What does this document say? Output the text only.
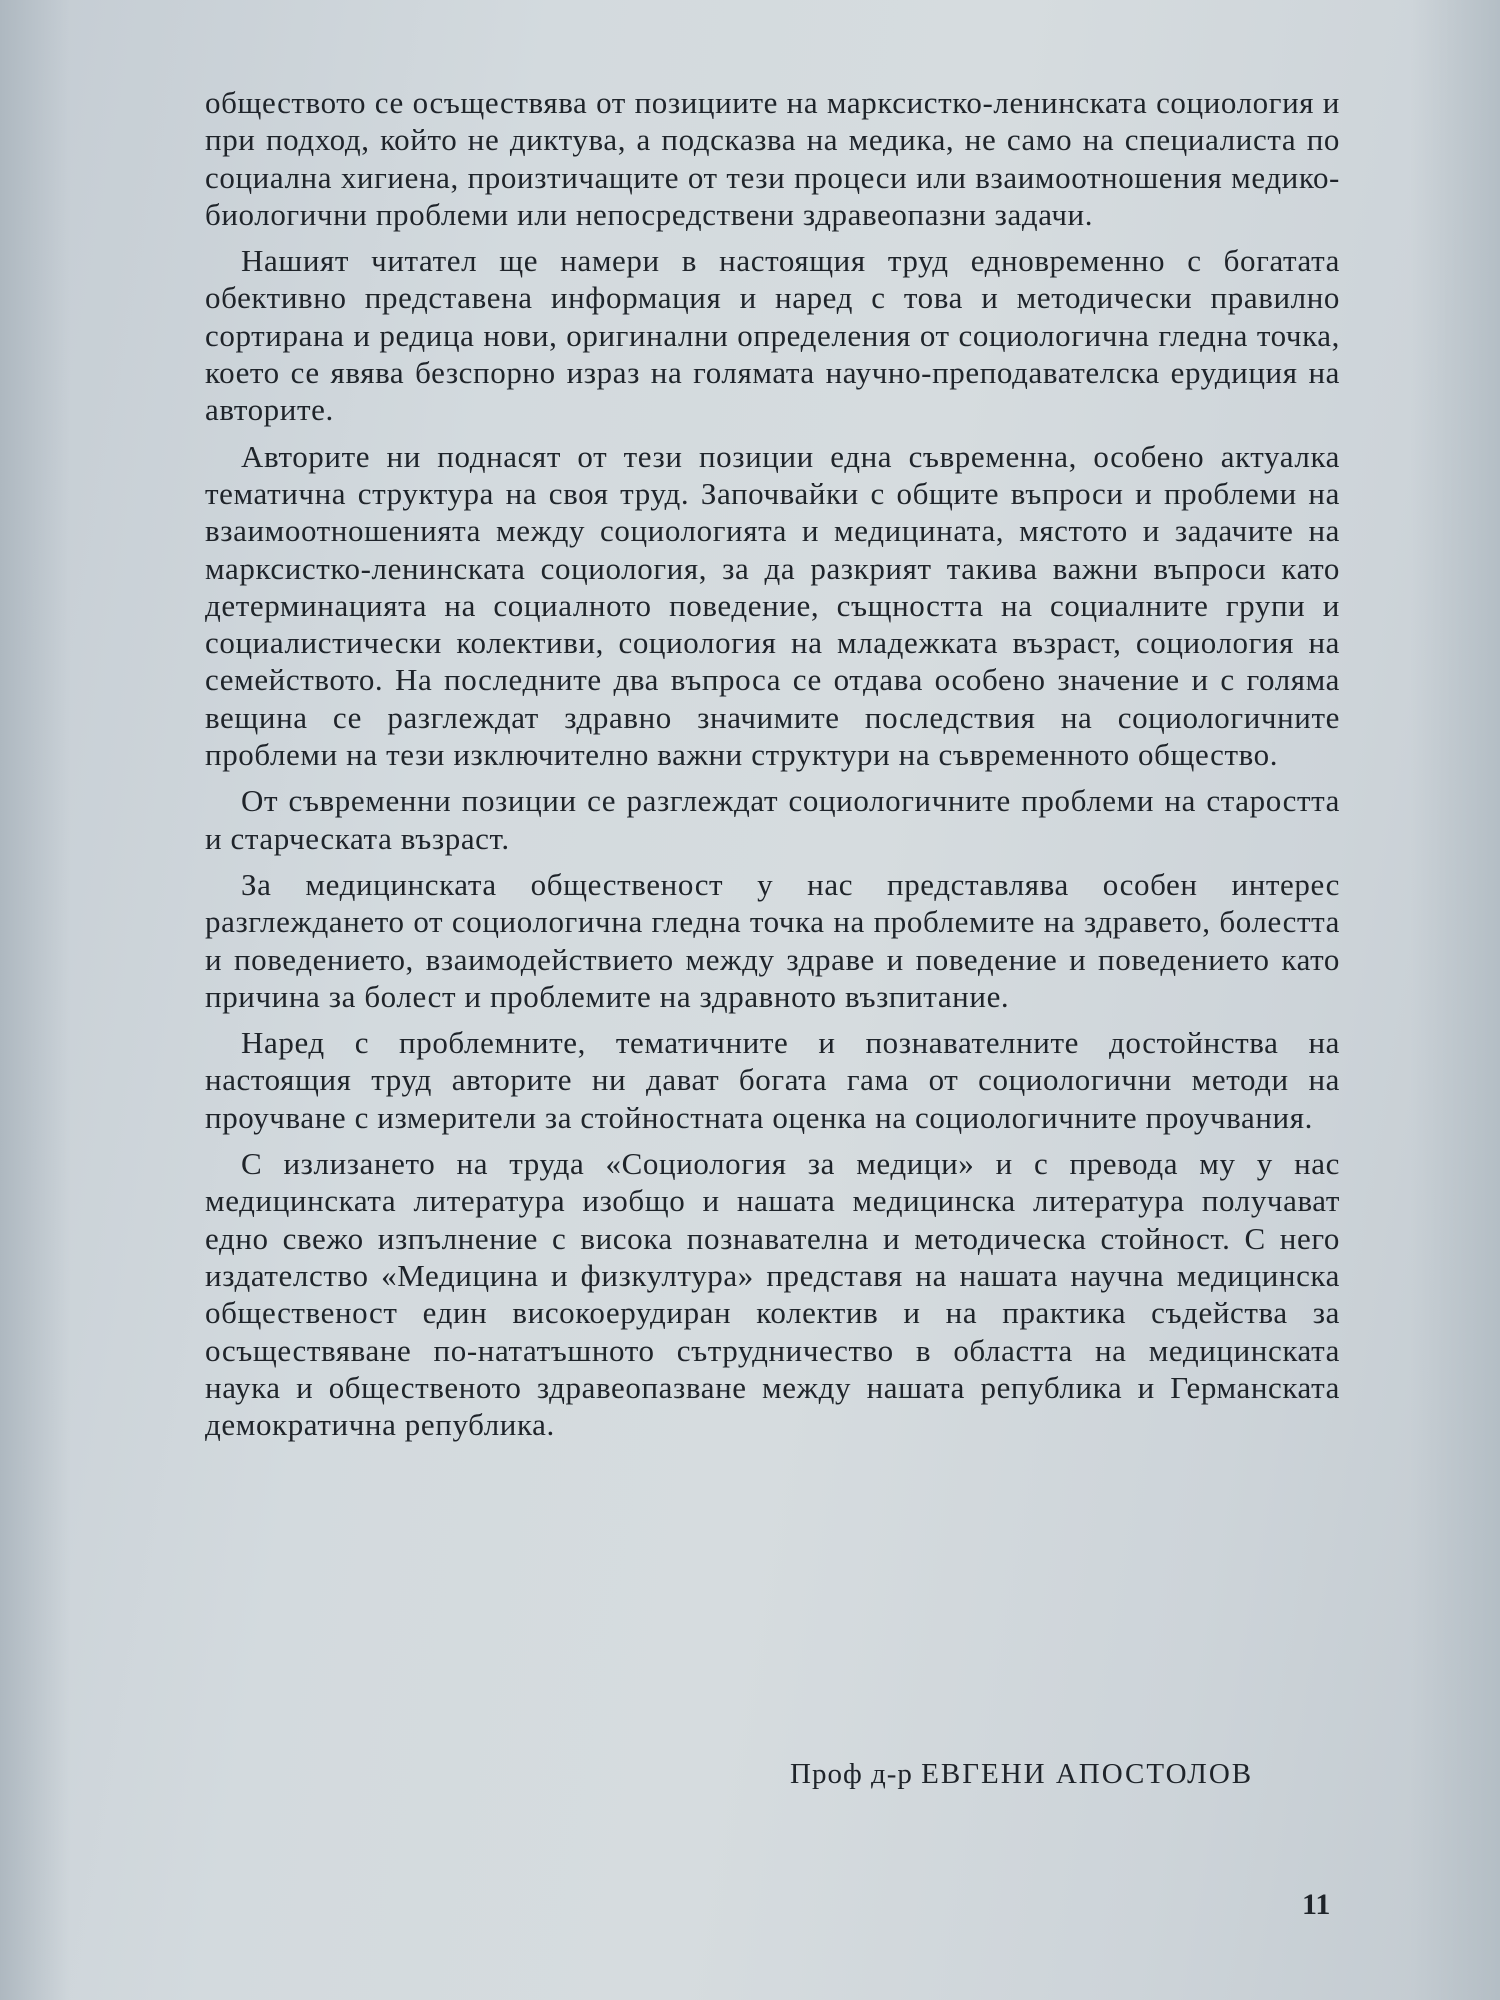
обществото се осъществява от позициите на марксистко-ленинската социология и при подход, който не диктува, а подсказва на медика, не само на специалиста по социална хигиена, произтичащите от тези процеси или взаимоотношения медико-биологични проблеми или непосредствени здравеопазни задачи.

Нашият читател ще намери в настоящия труд едновременно с богатата обективно представена информация и наред с това и методически правилно сортирана и редица нови, оригинални определения от социологична гледна точка, което се явява безспорно израз на голямата научно-преподавателска ерудиция на авторите.

Авторите ни поднасят от тези позиции една съвременна, особено актуалка тематична структура на своя труд. Започвайки с общите въпроси и проблеми на взаимоотношенията между социологията и медицината, мястото и задачите на марксистко-ленинската социология, за да разкрият такива важни въпроси като детерминацията на социалното поведение, същността на социалните групи и социалистически колективи, социология на младежката възраст, социология на семейството. На последните два въпроса се отдава особено значение и с голяма вещина се разглеждат здравно значимите последствия на социологичните проблеми на тези изключително важни структури на съвременното общество.

От съвременни позиции се разглеждат социологичните проблеми на старостта и старческата възраст.

За медицинската общественост у нас представлява особен интерес разглеждането от социологична гледна точка на проблемите на здравето, болестта и поведението, взаимодействието между здраве и поведение и поведението като причина за болест и проблемите на здравното възпитание.

Наред с проблемните, тематичните и познавателните достойнства на настоящия труд авторите ни дават богата гама от социологични методи на проучване с измерители за стойностната оценка на социологичните проучвания.

С излизането на труда «Социология за медици» и с превода му у нас медицинската литература изобщо и нашата медицинска литература получават едно свежо изпълнение с висока познавателна и методическа стойност. С него издателство «Медицина и физкултура» представя на нашата научна медицинска общественост един високоерудиран колектив и на практика съдейства за осъществяване по-нататъшното сътрудничество в областта на медицинската наука и общественото здравеопазване между нашата република и Германската демократична република.

Проф д-р ЕВГЕНИ АПОСТОЛОВ
11
